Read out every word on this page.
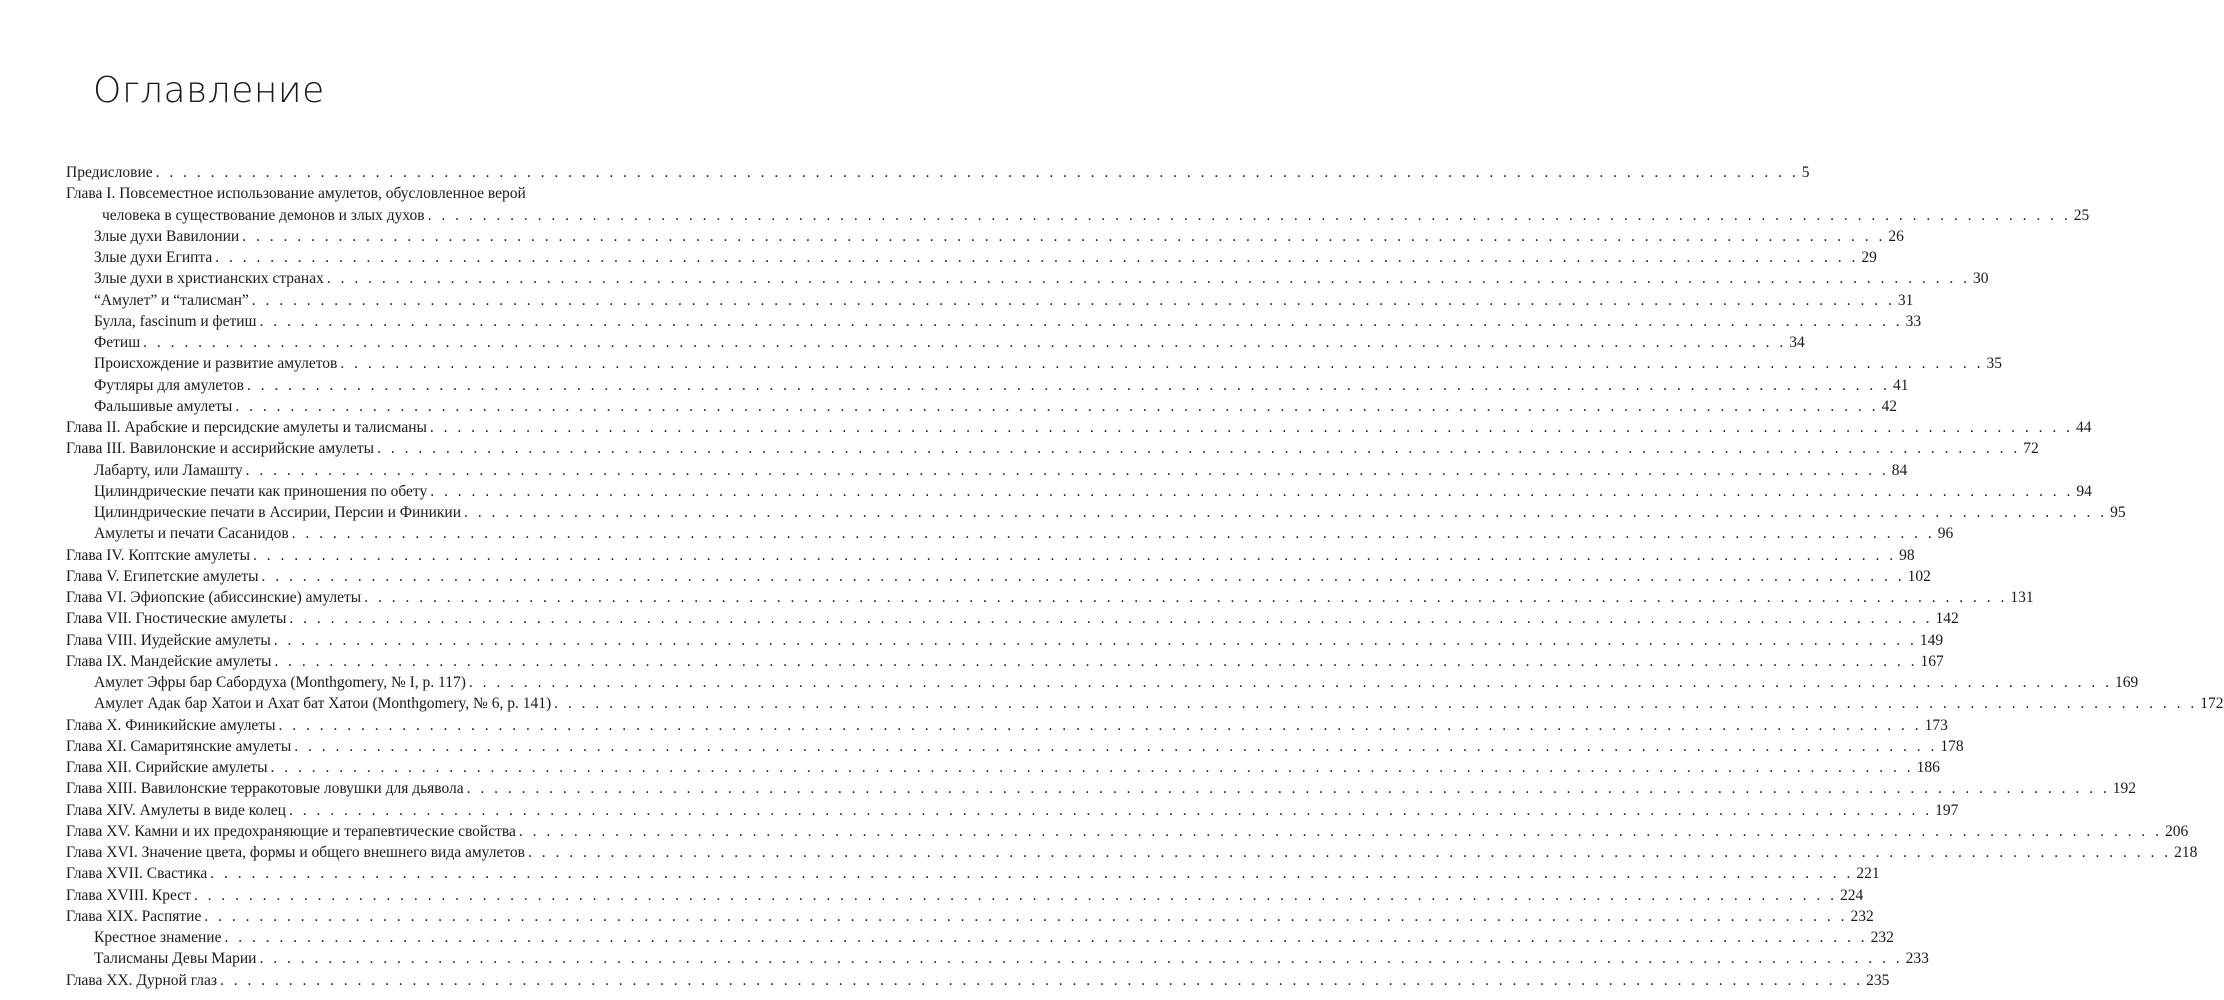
Оглавление
Предисловие . . . . . . . . . . . . . . . . . . . . . . . . . . . . . . . . . . . . . . . . . . . . . . . . . . . . . . . . . . . . . . . . . . . . . . . . . . . . . . . . . . . . . . . . . . . . . . . . . . . . . . . . . . . . . . . . . . . . . . . . 5
Глава I. Повсеместное использование амулетов, обусловленное верой
человека в существование демонов и злых духов . . . . . . . . . . . . . . . . . . . . . . . . . . . . . . . . . . . . . . . . . . . . . . . . . . . . . . . . . . . . . . . . . . . . . . . . . . . . . . . . . . . . . . . . . . . . . . . . . . . . . . . . . . . . . . . . . . . . . . . . 25
Злые духи Вавилонии . . . . . . . . . . . . . . . . . . . . . . . . . . . . . . . . . . . . . . . . . . . . . . . . . . . . . . . . . . . . . . . . . . . . . . . . . . . . . . . . . . . . . . . . . . . . . . . . . . . . . . . . . . . . . . . . . . . . . . . . 26
Злые духи Египта . . . . . . . . . . . . . . . . . . . . . . . . . . . . . . . . . . . . . . . . . . . . . . . . . . . . . . . . . . . . . . . . . . . . . . . . . . . . . . . . . . . . . . . . . . . . . . . . . . . . . . . . . . . . . . . . . . . . . . . . 29
Злые духи в христианских странах . . . . . . . . . . . . . . . . . . . . . . . . . . . . . . . . . . . . . . . . . . . . . . . . . . . . . . . . . . . . . . . . . . . . . . . . . . . . . . . . . . . . . . . . . . . . . . . . . . . . . . . . . . . . . . . . . . . . . . . . 30
“Амулет” и “талисман” . . . . . . . . . . . . . . . . . . . . . . . . . . . . . . . . . . . . . . . . . . . . . . . . . . . . . . . . . . . . . . . . . . . . . . . . . . . . . . . . . . . . . . . . . . . . . . . . . . . . . . . . . . . . . . . . . . . . . . . . 31
Булла, fascinum и фетиш . . . . . . . . . . . . . . . . . . . . . . . . . . . . . . . . . . . . . . . . . . . . . . . . . . . . . . . . . . . . . . . . . . . . . . . . . . . . . . . . . . . . . . . . . . . . . . . . . . . . . . . . . . . . . . . . . . . . . . . . 33
Фетиш . . . . . . . . . . . . . . . . . . . . . . . . . . . . . . . . . . . . . . . . . . . . . . . . . . . . . . . . . . . . . . . . . . . . . . . . . . . . . . . . . . . . . . . . . . . . . . . . . . . . . . . . . . . . . . . . . . . . . . . . 34
Происхождение и развитие амулетов . . . . . . . . . . . . . . . . . . . . . . . . . . . . . . . . . . . . . . . . . . . . . . . . . . . . . . . . . . . . . . . . . . . . . . . . . . . . . . . . . . . . . . . . . . . . . . . . . . . . . . . . . . . . . . . . . . . . . . . . 35
Футляры для амулетов . . . . . . . . . . . . . . . . . . . . . . . . . . . . . . . . . . . . . . . . . . . . . . . . . . . . . . . . . . . . . . . . . . . . . . . . . . . . . . . . . . . . . . . . . . . . . . . . . . . . . . . . . . . . . . . . . . . . . . . . 41
Фальшивые амулеты . . . . . . . . . . . . . . . . . . . . . . . . . . . . . . . . . . . . . . . . . . . . . . . . . . . . . . . . . . . . . . . . . . . . . . . . . . . . . . . . . . . . . . . . . . . . . . . . . . . . . . . . . . . . . . . . . . . . . . . . 42
Глава II. Арабские и персидские амулеты и талисманы . . . . . . . . . . . . . . . . . . . . . . . . . . . . . . . . . . . . . . . . . . . . . . . . . . . . . . . . . . . . . . . . . . . . . . . . . . . . . . . . . . . . . . . . . . . . . . . . . . . . . . . . . . . . . . . . . . . . . . . . 44
Глава III. Вавилонские и ассирийские амулеты . . . . . . . . . . . . . . . . . . . . . . . . . . . . . . . . . . . . . . . . . . . . . . . . . . . . . . . . . . . . . . . . . . . . . . . . . . . . . . . . . . . . . . . . . . . . . . . . . . . . . . . . . . . . . . . . . . . . . . . . 72
Лабарту, или Ламашту . . . . . . . . . . . . . . . . . . . . . . . . . . . . . . . . . . . . . . . . . . . . . . . . . . . . . . . . . . . . . . . . . . . . . . . . . . . . . . . . . . . . . . . . . . . . . . . . . . . . . . . . . . . . . . . . . . . . . . . . 84
Цилиндрические печати как приношения по обету . . . . . . . . . . . . . . . . . . . . . . . . . . . . . . . . . . . . . . . . . . . . . . . . . . . . . . . . . . . . . . . . . . . . . . . . . . . . . . . . . . . . . . . . . . . . . . . . . . . . . . . . . . . . . . . . . . . . . . . . 94
Цилиндрические печати в Ассирии, Персии и Финикии . . . . . . . . . . . . . . . . . . . . . . . . . . . . . . . . . . . . . . . . . . . . . . . . . . . . . . . . . . . . . . . . . . . . . . . . . . . . . . . . . . . . . . . . . . . . . . . . . . . . . . . . . . . . . . . . . . . . . . . . 95
Амулеты и печати Сасанидов . . . . . . . . . . . . . . . . . . . . . . . . . . . . . . . . . . . . . . . . . . . . . . . . . . . . . . . . . . . . . . . . . . . . . . . . . . . . . . . . . . . . . . . . . . . . . . . . . . . . . . . . . . . . . . . . . . . . . . . . 96
Глава IV. Коптские амулеты . . . . . . . . . . . . . . . . . . . . . . . . . . . . . . . . . . . . . . . . . . . . . . . . . . . . . . . . . . . . . . . . . . . . . . . . . . . . . . . . . . . . . . . . . . . . . . . . . . . . . . . . . . . . . . . . . . . . . . . . 98
Глава V. Египетские амулеты . . . . . . . . . . . . . . . . . . . . . . . . . . . . . . . . . . . . . . . . . . . . . . . . . . . . . . . . . . . . . . . . . . . . . . . . . . . . . . . . . . . . . . . . . . . . . . . . . . . . . . . . . . . . . . . . . . . . . . . . 102
Глава VI. Эфиопские (абиссинские) амулеты . . . . . . . . . . . . . . . . . . . . . . . . . . . . . . . . . . . . . . . . . . . . . . . . . . . . . . . . . . . . . . . . . . . . . . . . . . . . . . . . . . . . . . . . . . . . . . . . . . . . . . . . . . . . . . . . . . . . . . . . 131
Глава VII. Гностические амулеты . . . . . . . . . . . . . . . . . . . . . . . . . . . . . . . . . . . . . . . . . . . . . . . . . . . . . . . . . . . . . . . . . . . . . . . . . . . . . . . . . . . . . . . . . . . . . . . . . . . . . . . . . . . . . . . . . . . . . . . . 142
Глава VIII. Иудейские амулеты . . . . . . . . . . . . . . . . . . . . . . . . . . . . . . . . . . . . . . . . . . . . . . . . . . . . . . . . . . . . . . . . . . . . . . . . . . . . . . . . . . . . . . . . . . . . . . . . . . . . . . . . . . . . . . . . . . . . . . . . 149
Глава IX. Мандейские амулеты . . . . . . . . . . . . . . . . . . . . . . . . . . . . . . . . . . . . . . . . . . . . . . . . . . . . . . . . . . . . . . . . . . . . . . . . . . . . . . . . . . . . . . . . . . . . . . . . . . . . . . . . . . . . . . . . . . . . . . . . 167
Амулет Эфры бар Сабордуха (Monthgomery, № I, p. 117) . . . . . . . . . . . . . . . . . . . . . . . . . . . . . . . . . . . . . . . . . . . . . . . . . . . . . . . . . . . . . . . . . . . . . . . . . . . . . . . . . . . . . . . . . . . . . . . . . . . . . . . . . . . . . . . . . . . . . . . . 169
Амулет Адак бар Хатои и Ахат бат Хатои (Monthgomery, № 6, p. 141) . . . . . . . . . . . . . . . . . . . . . . . . . . . . . . . . . . . . . . . . . . . . . . . . . . . . . . . . . . . . . . . . . . . . . . . . . . . . . . . . . . . . . . . . . . . . . . . . . . . . . . . . . . . . . . . . . . . . . . . . 172
Глава X. Финикийские амулеты . . . . . . . . . . . . . . . . . . . . . . . . . . . . . . . . . . . . . . . . . . . . . . . . . . . . . . . . . . . . . . . . . . . . . . . . . . . . . . . . . . . . . . . . . . . . . . . . . . . . . . . . . . . . . . . . . . . . . . . . 173
Глава XI. Самаритянские амулеты . . . . . . . . . . . . . . . . . . . . . . . . . . . . . . . . . . . . . . . . . . . . . . . . . . . . . . . . . . . . . . . . . . . . . . . . . . . . . . . . . . . . . . . . . . . . . . . . . . . . . . . . . . . . . . . . . . . . . . . . 178
Глава XII. Сирийские амулеты . . . . . . . . . . . . . . . . . . . . . . . . . . . . . . . . . . . . . . . . . . . . . . . . . . . . . . . . . . . . . . . . . . . . . . . . . . . . . . . . . . . . . . . . . . . . . . . . . . . . . . . . . . . . . . . . . . . . . . . . 186
Глава XIII. Вавилонские терракотовые ловушки для дьявола . . . . . . . . . . . . . . . . . . . . . . . . . . . . . . . . . . . . . . . . . . . . . . . . . . . . . . . . . . . . . . . . . . . . . . . . . . . . . . . . . . . . . . . . . . . . . . . . . . . . . . . . . . . . . . . . . . . . . . . . 192
Глава XIV. Амулеты в виде колец . . . . . . . . . . . . . . . . . . . . . . . . . . . . . . . . . . . . . . . . . . . . . . . . . . . . . . . . . . . . . . . . . . . . . . . . . . . . . . . . . . . . . . . . . . . . . . . . . . . . . . . . . . . . . . . . . . . . . . . . 197
Глава XV. Камни и их предохраняющие и терапевтические свойства . . . . . . . . . . . . . . . . . . . . . . . . . . . . . . . . . . . . . . . . . . . . . . . . . . . . . . . . . . . . . . . . . . . . . . . . . . . . . . . . . . . . . . . . . . . . . . . . . . . . . . . . . . . . . . . . . . . . . . . . 206
Глава XVI. Значение цвета, формы и общего внешнего вида амулетов . . . . . . . . . . . . . . . . . . . . . . . . . . . . . . . . . . . . . . . . . . . . . . . . . . . . . . . . . . . . . . . . . . . . . . . . . . . . . . . . . . . . . . . . . . . . . . . . . . . . . . . . . . . . . . . . . . . . . . . . 218
Глава XVII. Свастика . . . . . . . . . . . . . . . . . . . . . . . . . . . . . . . . . . . . . . . . . . . . . . . . . . . . . . . . . . . . . . . . . . . . . . . . . . . . . . . . . . . . . . . . . . . . . . . . . . . . . . . . . . . . . . . . . . . . . . . . 221
Глава XVIII. Крест . . . . . . . . . . . . . . . . . . . . . . . . . . . . . . . . . . . . . . . . . . . . . . . . . . . . . . . . . . . . . . . . . . . . . . . . . . . . . . . . . . . . . . . . . . . . . . . . . . . . . . . . . . . . . . . . . . . . . . . . 224
Глава XIX. Распятие . . . . . . . . . . . . . . . . . . . . . . . . . . . . . . . . . . . . . . . . . . . . . . . . . . . . . . . . . . . . . . . . . . . . . . . . . . . . . . . . . . . . . . . . . . . . . . . . . . . . . . . . . . . . . . . . . . . . . . . . 232
Крестное знамение . . . . . . . . . . . . . . . . . . . . . . . . . . . . . . . . . . . . . . . . . . . . . . . . . . . . . . . . . . . . . . . . . . . . . . . . . . . . . . . . . . . . . . . . . . . . . . . . . . . . . . . . . . . . . . . . . . . . . . . . 232
Талисманы Девы Марии . . . . . . . . . . . . . . . . . . . . . . . . . . . . . . . . . . . . . . . . . . . . . . . . . . . . . . . . . . . . . . . . . . . . . . . . . . . . . . . . . . . . . . . . . . . . . . . . . . . . . . . . . . . . . . . . . . . . . . . . 233
Глава XX. Дурной глаз . . . . . . . . . . . . . . . . . . . . . . . . . . . . . . . . . . . . . . . . . . . . . . . . . . . . . . . . . . . . . . . . . . . . . . . . . . . . . . . . . . . . . . . . . . . . . . . . . . . . . . . . . . . . . . . . . . . . . . . . 235
